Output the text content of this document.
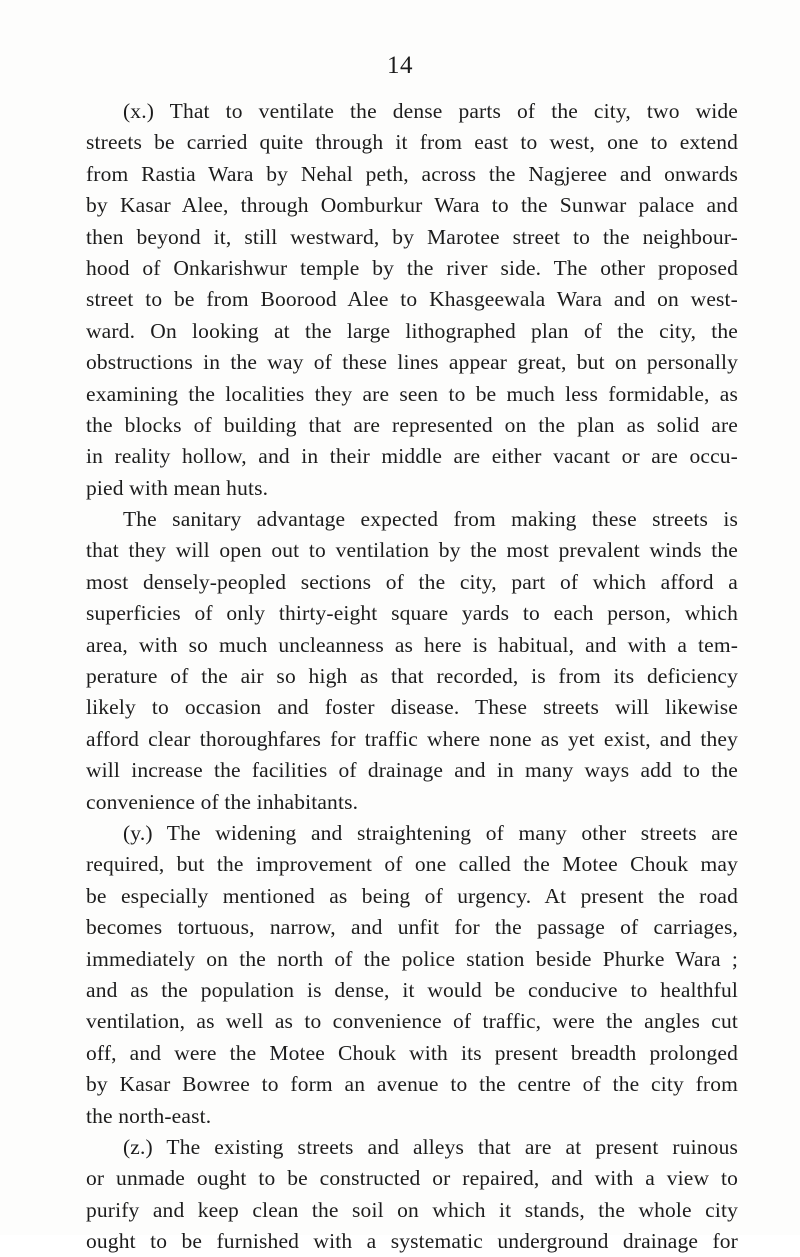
14
(x.) That to ventilate the dense parts of the city, two wide
streets be carried quite through it from east to west, one to extend
from Rastia Wara by Nehal peth, across the Nagjeree and onwards
by Kasar Alee, through Oomburkur Wara to the Sunwar palace and
then beyond it, still westward, by Marotee street to the neighbour-
hood of Onkarishwur temple by the river side. The other proposed
street to be from Boorood Alee to Khasgeewala Wara and on west-
ward. On looking at the large lithographed plan of the city, the
obstructions in the way of these lines appear great, but on personally
examining the localities they are seen to be much less formidable, as
the blocks of building that are represented on the plan as solid are
in reality hollow, and in their middle are either vacant or are occu-
pied with mean huts.
The sanitary advantage expected from making these streets is
that they will open out to ventilation by the most prevalent winds the
most densely-peopled sections of the city, part of which afford a
superficies of only thirty-eight square yards to each person, which
area, with so much uncleanness as here is habitual, and with a tem-
perature of the air so high as that recorded, is from its deficiency
likely to occasion and foster disease. These streets will likewise
afford clear thoroughfares for traffic where none as yet exist, and they
will increase the facilities of drainage and in many ways add to the
convenience of the inhabitants.
(y.) The widening and straightening of many other streets are
required, but the improvement of one called the Motee Chouk may
be especially mentioned as being of urgency. At present the road
becomes tortuous, narrow, and unfit for the passage of carriages,
immediately on the north of the police station beside Phurke Wara ;
and as the population is dense, it would be conducive to healthful
ventilation, as well as to convenience of traffic, were the angles cut
off, and were the Motee Chouk with its present breadth prolonged
by Kasar Bowree to form an avenue to the centre of the city from
the north-east.
(z.) The existing streets and alleys that are at present ruinous
or unmade ought to be constructed or repaired, and with a view to
purify and keep clean the soil on which it stands, the whole city
ought to be furnished with a systematic underground drainage for
